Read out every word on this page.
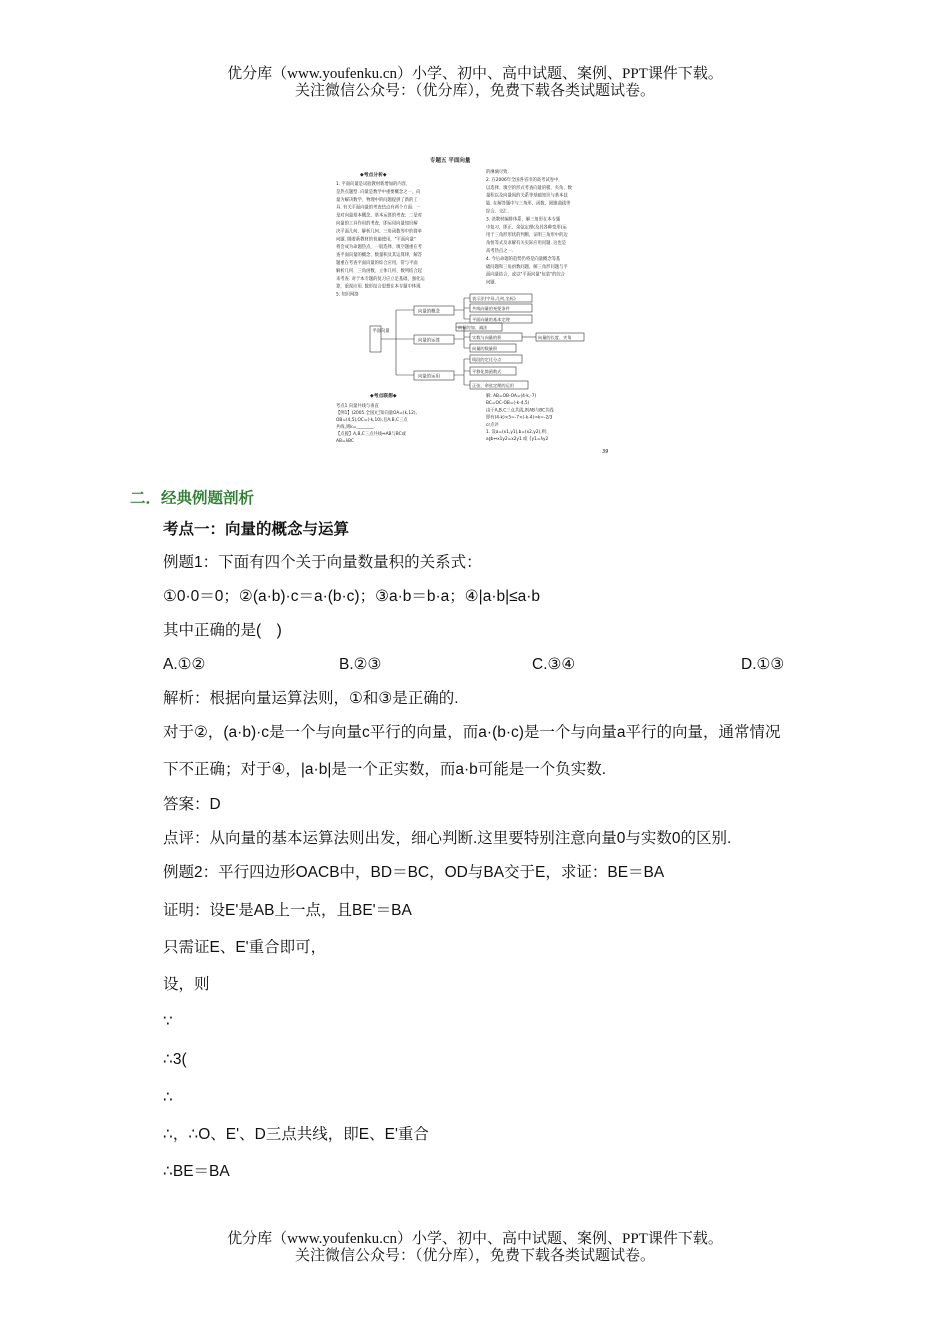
优分库（www.youfenku.cn）小学、初中、高中试题、案例、PPT课件下载。
关注微信公众号：（优分库），免费下载各类试题试卷。
专题五 平面向量
◆考点分析◆
1. 平面向量是试验教材新增加的内容，
是热点题型. 向量是数学中重要概念之一，向
量为解决数学、物理中的问题提供了新的工
具. 有关平面向量的考查热点有两个方面：一
是对向量基本概念、基本运算的考查；二是对
向量的工具作用的考查，即运用向量知识解
决平面几何、解析几何、三角函数等中的简单
问题. 随着新教材的普遍使用，"平面向量"
将会成为命题热点，一般选择、填空题重在考
查平面向量的概念、数量积及其运算律，解答
题重在考查平面向量的综合应用，常与平面
解析几何、三角函数、立体几何、数列结合起
来考查. 对于本专题的复习应立足基础，强化运
算，重视应用. 数形结合思想在本专题中体现
5. 知识网络
的淋漓尽致.
2. 在2006年全国各省市的高考试卷中，
以选择、填空的形式考查向量的模、夹角、数
量积以及向量间的关系等基础知识与基本技
能. 在解答题中与三角形、函数、圆锥曲线等
综合、交汇.
3. 淡教材编排体系，解三角形在本专题
中复习，即正、余弦定理(及其各种变形)运
用于三角形形状的判断，证明三角形中的边
角恒等式及求解有关实际应用问题. 这也是
高考热点之一.
4. 今后命题的趋势仍将是向量概念等基
础问题和三角函数问题，解三角形问题与平
面向量结合，或以"平面向量"包装"的综合
问题.
平面向量
向量的概念
向量的运算
向量的运用
表示法(字母,几何,坐标)
共线向量的充要条件
平面向量的基本定理
向量的加、减法
实数与向量的积
向量的数量积
线段的定比分点
平移化简函数式
正弦、余弦定理的运用
向量的长度、夹角
◆考点联想◆
考点1 向量共线与垂直
【例1】(2005.全国)已知向量OA=(k,12),
OB=(4,5),OC=(-k,10),且A,B,C三点
共线,则k=________.
【点拨】A,B,C三点共线⇔AB与BC或
AB=λBC
解: AB=OB-OA=(4-k,-7)
BC=OC-OB=(-k-4,5)
由于A,B,C三点共线,则AB与BC共线
即有(4-k)×5=-7×(-k-4)⇒k=-2/3
cr点评
1. 设a=(x1,y1),b=(x2,y2),则:
a∥b⇔x1y2=x2y1 或 {y1=λy2
39
二．经典例题剖析
考点一：向量的概念与运算
例题1：下面有四个关于向量数量积的关系式：
①0·0＝0；②(a·b)·c＝a·(b·c)；③a·b＝b·a；④|a·b|≤a·b
其中正确的是(　)
A.①②	B.②③	C.③④	D.①③
解析：根据向量运算法则，①和③是正确的.
对于②，(a·b)·c是一个与向量c平行的向量，而a·(b·c)是一个与向量a平行的向量，通常情况
下不正确；对于④，|a·b|是一个正实数，而a·b可能是一个负实数.
答案：D
点评：从向量的基本运算法则出发，细心判断.这里要特别注意向量0与实数0的区别.
例题2：平行四边形OACB中，BD＝BC，OD与BA交于E，求证：BE＝BA
证明：设E'是AB上一点，且BE'＝BA
只需证E、E'重合即可，
设，则
∵
∴3(
∴
∴，∴O、E'、D三点共线，即E、E'重合
∴BE＝BA
优分库（www.youfenku.cn）小学、初中、高中试题、案例、PPT课件下载。
关注微信公众号：（优分库），免费下载各类试题试卷。
